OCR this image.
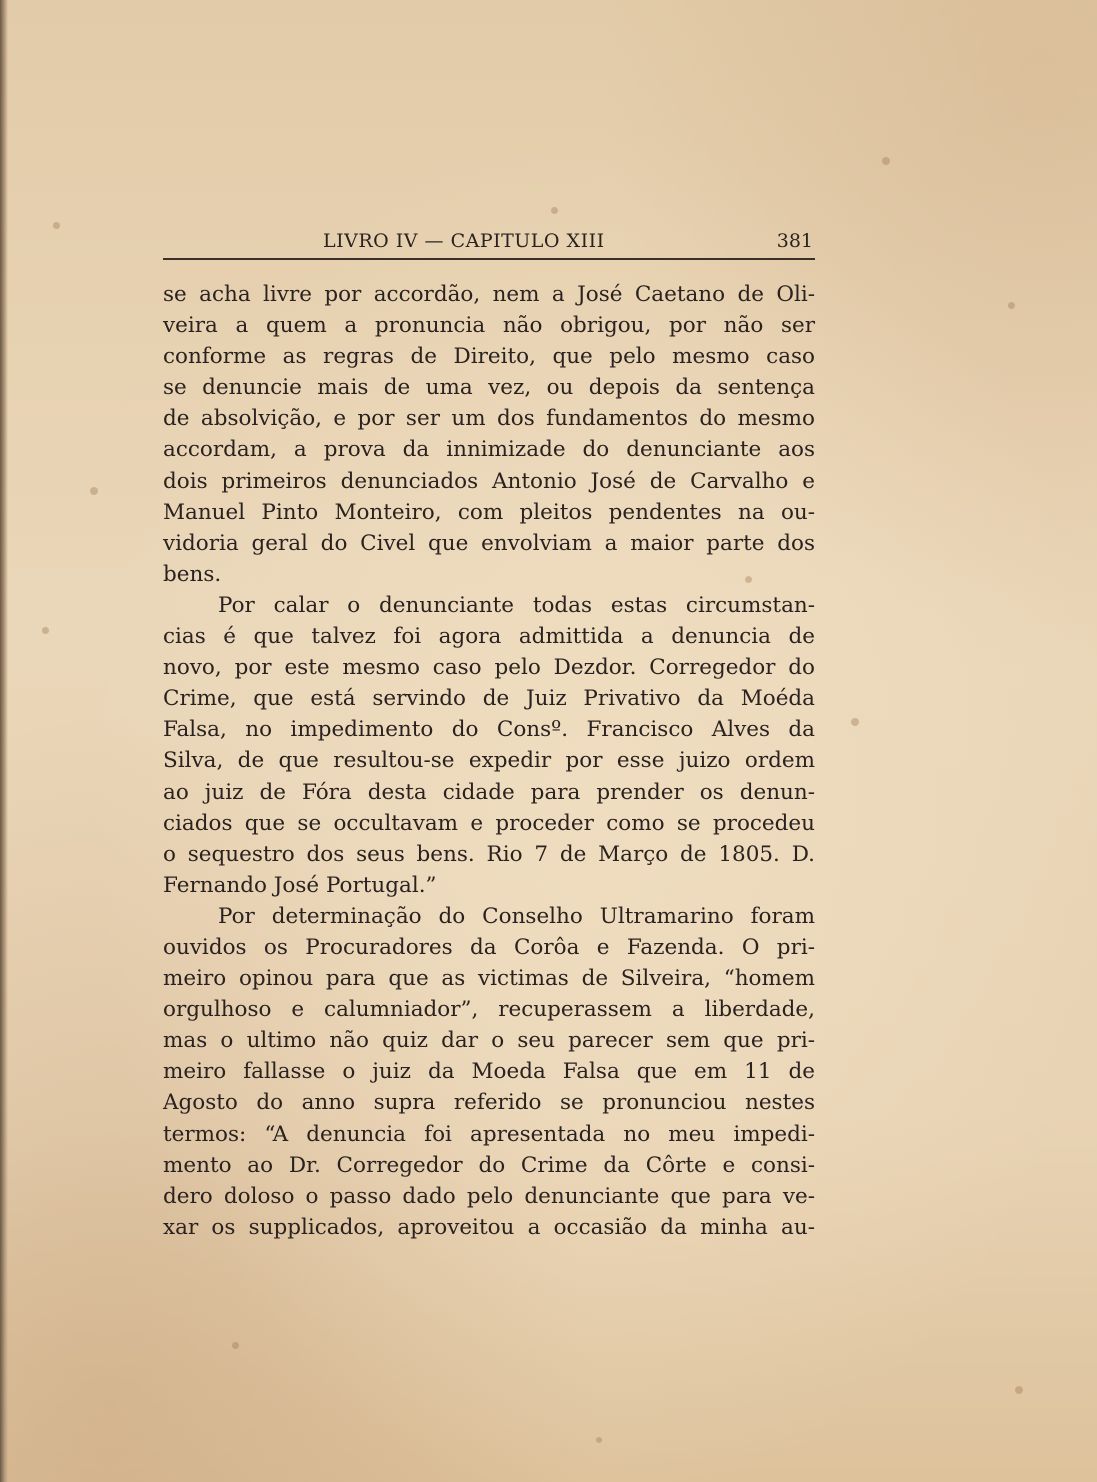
LIVRO IV — CAPITULO XIII	381
se acha livre por accordão, nem a José Caetano de Oli-
veira a quem a pronuncia não obrigou, por não ser
conforme as regras de Direito, que pelo mesmo caso
se denuncie mais de uma vez, ou depois da sentença
de absolvição, e por ser um dos fundamentos do mesmo
accordam, a prova da innimizade do denunciante aos
dois primeiros denunciados Antonio José de Carvalho e
Manuel Pinto Monteiro, com pleitos pendentes na ou-
vidoria geral do Civel que envolviam a maior parte dos
bens.
Por calar o denunciante todas estas circumstan-
cias é que talvez foi agora admittida a denuncia de
novo, por este mesmo caso pelo Dezdor. Corregedor do
Crime, que está servindo de Juiz Privativo da Moéda
Falsa, no impedimento do Consº. Francisco Alves da
Silva, de que resultou-se expedir por esse juizo ordem
ao juiz de Fóra desta cidade para prender os denun-
ciados que se occultavam e proceder como se procedeu
o sequestro dos seus bens. Rio 7 de Março de 1805. D.
Fernando José Portugal.”
Por determinação do Conselho Ultramarino foram
ouvidos os Procuradores da Corôa e Fazenda. O pri-
meiro opinou para que as victimas de Silveira, “homem
orgulhoso e calumniador”, recuperassem a liberdade,
mas o ultimo não quiz dar o seu parecer sem que pri-
meiro fallasse o juiz da Moeda Falsa que em 11 de
Agosto do anno supra referido se pronunciou nestes
termos: “A denuncia foi apresentada no meu impedi-
mento ao Dr. Corregedor do Crime da Côrte e consi-
dero doloso o passo dado pelo denunciante que para ve-
xar os supplicados, aproveitou a occasião da minha au-
